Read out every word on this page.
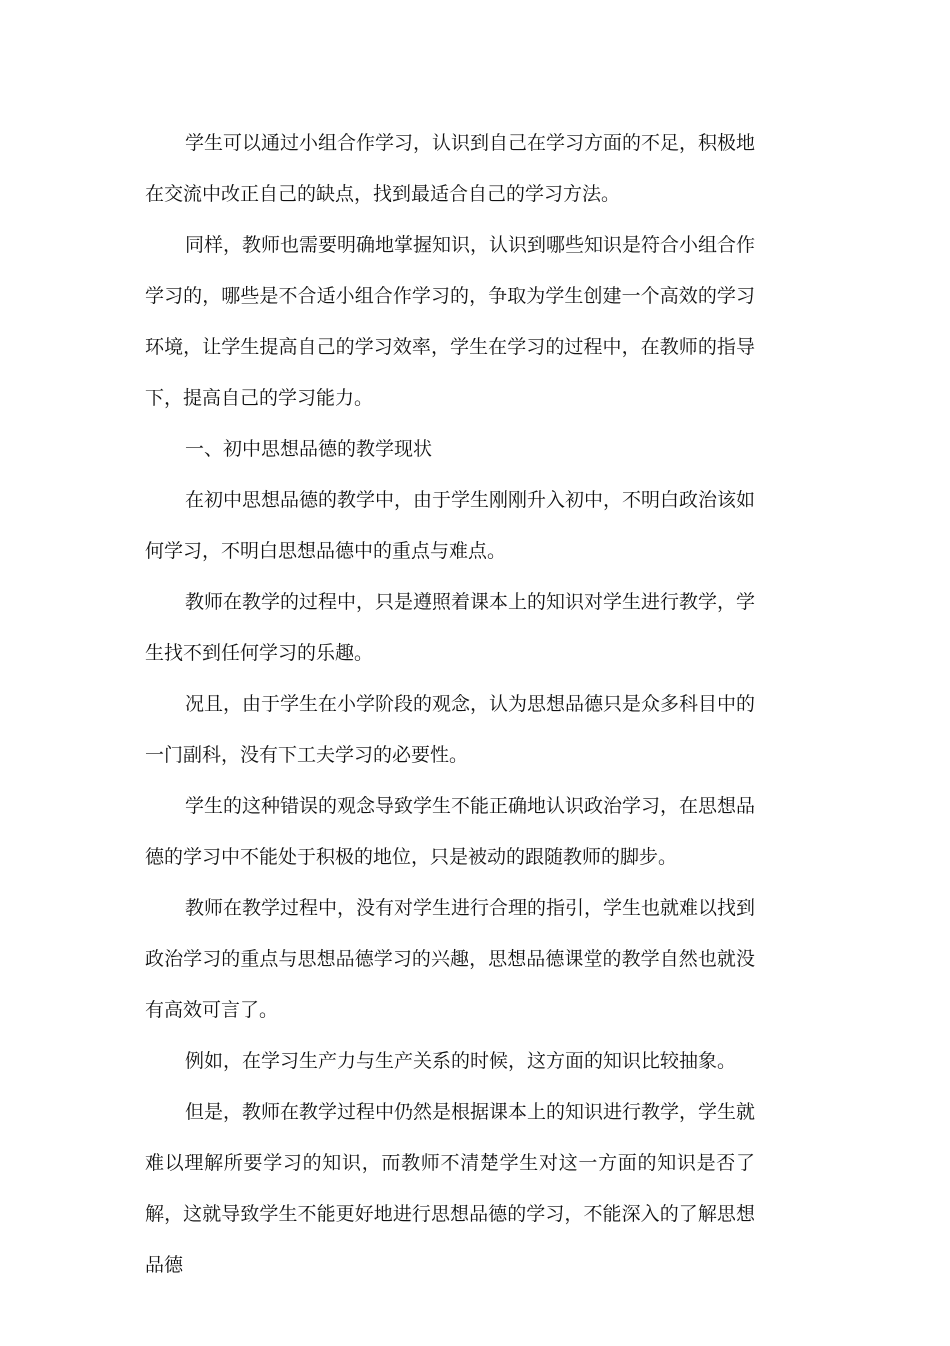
学生可以通过小组合作学习，认识到自己在学习方面的不足，积极地在交流中改正自己的缺点，找到最适合自己的学习方法。

同样，教师也需要明确地掌握知识，认识到哪些知识是符合小组合作学习的，哪些是不合适小组合作学习的，争取为学生创建一个高效的学习环境，让学生提高自己的学习效率，学生在学习的过程中，在教师的指导下，提高自己的学习能力。

一、初中思想品德的教学现状

在初中思想品德的教学中，由于学生刚刚升入初中，不明白政治该如何学习，不明白思想品德中的重点与难点。

教师在教学的过程中，只是遵照着课本上的知识对学生进行教学，学生找不到任何学习的乐趣。

况且，由于学生在小学阶段的观念，认为思想品德只是众多科目中的一门副科，没有下工夫学习的必要性。

学生的这种错误的观念导致学生不能正确地认识政治学习，在思想品德的学习中不能处于积极的地位，只是被动的跟随教师的脚步。

教师在教学过程中，没有对学生进行合理的指引，学生也就难以找到政治学习的重点与思想品德学习的兴趣，思想品德课堂的教学自然也就没有高效可言了。

例如，在学习生产力与生产关系的时候，这方面的知识比较抽象。

但是，教师在教学过程中仍然是根据课本上的知识进行教学，学生就难以理解所要学习的知识，而教师不清楚学生对这一方面的知识是否了解，这就导致学生不能更好地进行思想品德的学习，不能深入的了解思想品德
